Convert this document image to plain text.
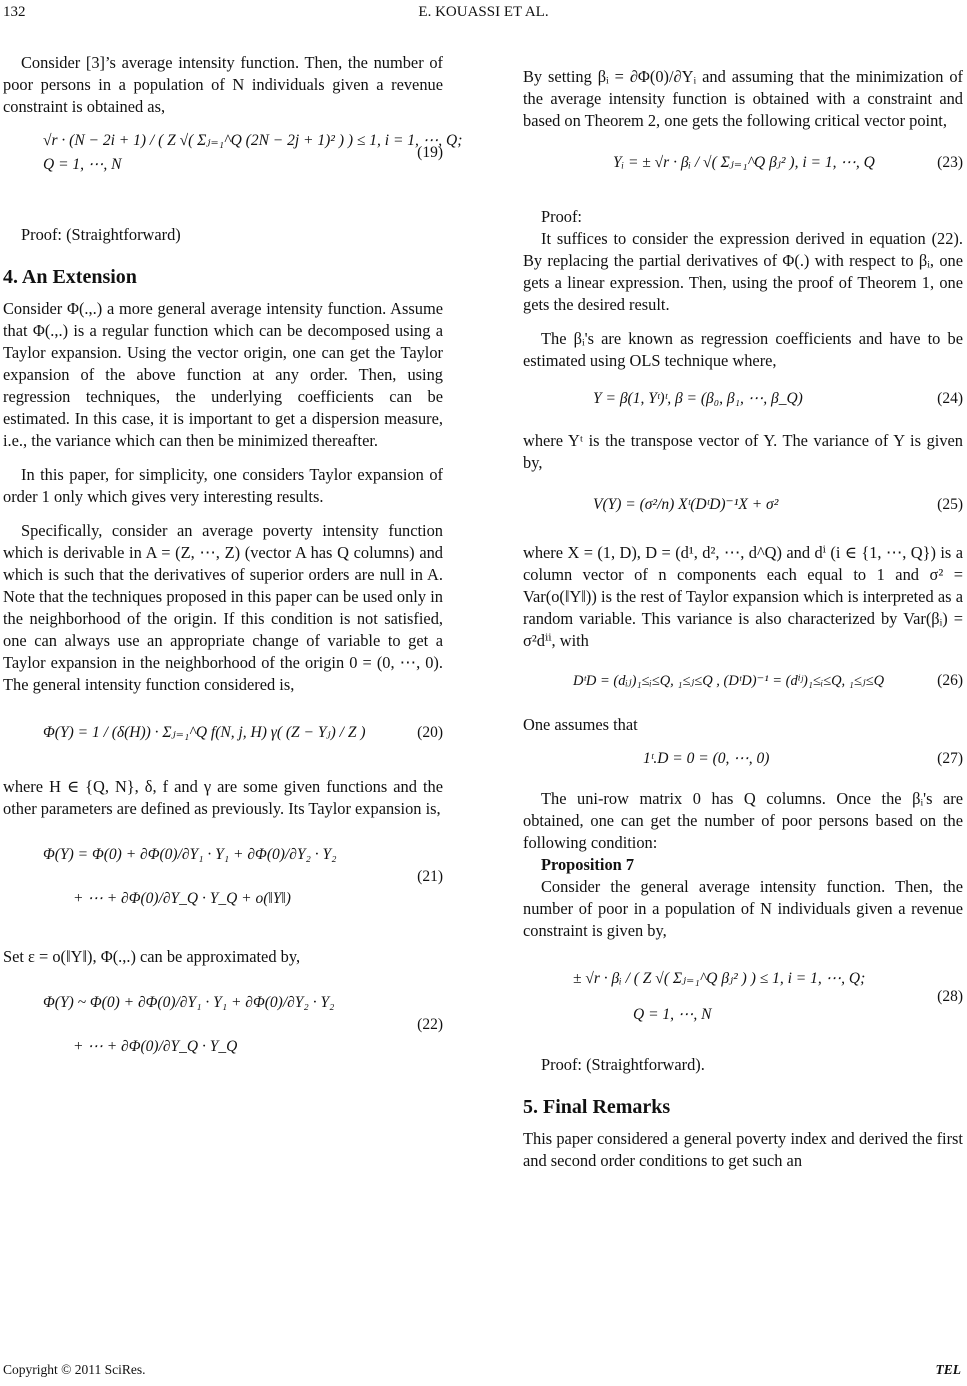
132	E. KOUASSI ET AL.

Consider [3]’s average intensity function. Then, the number of poor persons in a population of N individuals given a revenue constraint is obtained as,

√r · (N − 2i + 1) / ( Z √( Σⱼ₌₁^Q (2N − 2j + 1)² ) ) ≤ 1, i = 1, ⋯, Q;
Q = 1, ⋯, N
(19)

Proof: (Straightforward)

4. An Extension

Consider Φ(.,.) a more general average intensity function. Assume that Φ(.,.) is a regular function which can be decomposed using a Taylor expansion. Using the vector origin, one can get the Taylor expansion of the above function at any order. Then, using regression techniques, the underlying coefficients can be estimated. In this case, it is important to get a dispersion measure, i.e., the variance which can then be minimized thereafter.

In this paper, for simplicity, one considers Taylor expansion of order 1 only which gives very interesting results.

Specifically, consider an average poverty intensity function which is derivable in A = (Z, ⋯, Z) (vector A has Q columns) and which is such that the derivatives of superior orders are null in A. Note that the techniques proposed in this paper can be used only in the neighborhood of the origin. If this condition is not satisfied, one can always use an appropriate change of variable to get a Taylor expansion in the neighborhood of the origin 0 = (0, ⋯, 0). The general intensity function considered is,

Φ(Y) = 1 / (δ(H)) · Σⱼ₌₁^Q f(N, j, H) γ( (Z − Yⱼ) / Z )	(20)

where H ∈ {Q, N}, δ, f and γ are some given functions and the other parameters are defined as previously. Its Taylor expansion is,

Φ(Y) = Φ(0) + ∂Φ(0)/∂Y₁ · Y₁ + ∂Φ(0)/∂Y₂ · Y₂
+ ⋯ + ∂Φ(0)/∂Y_Q · Y_Q + o(‖Y‖)
(21)

Set ε = o(‖Y‖), Φ(.,.) can be approximated by,

Φ(Y) ~ Φ(0) + ∂Φ(0)/∂Y₁ · Y₁ + ∂Φ(0)/∂Y₂ · Y₂
+ ⋯ + ∂Φ(0)/∂Y_Q · Y_Q
(22)

By setting βᵢ = ∂Φ(0)/∂Yᵢ and assuming that the minimization of the average intensity function is obtained with a constraint and based on Theorem 2, one gets the following critical vector point,

Yᵢ = ± √r · βᵢ / √( Σⱼ₌₁^Q βⱼ² ), i = 1, ⋯, Q	(23)

Proof:

It suffices to consider the expression derived in equation (22). By replacing the partial derivatives of Φ(.) with respect to βᵢ, one gets a linear expression. Then, using the proof of Theorem 1, one gets the desired result.

The βᵢ's are known as regression coefficients and have to be estimated using OLS technique where,

Y = β(1, Yᵗ)ᵗ, β = (β₀, β₁, ⋯, β_Q)	(24)

where Yᵗ is the transpose vector of Y. The variance of Y is given by,

V(Y) = (σ²/n) Xᵗ(DᵗD)⁻¹X + σ²	(25)

where X = (1, D), D = (d¹, d², ⋯, d^Q) and dⁱ (i ∈ {1, ⋯, Q}) is a column vector of n components each equal to 1 and σ² = Var(o(‖Y‖)) is the rest of Taylor expansion which is interpreted as a random variable. This variance is also characterized by Var(βᵢ) = σ²dⁱⁱ, with

DᵗD = (dᵢⱼ)₁≤ᵢ≤Q, ₁≤ⱼ≤Q , (DᵗD)⁻¹ = (dⁱʲ)₁≤ᵢ≤Q, ₁≤ⱼ≤Q	(26)

One assumes that

1ᵗ.D = 0 = (0, ⋯, 0)	(27)

The uni-row matrix 0 has Q columns. Once the βᵢ's are obtained, one can get the number of poor persons based on the following condition:

Proposition 7

Consider the general average intensity function. Then, the number of poor in a population of N individuals given a revenue constraint is given by,

± √r · βᵢ / ( Z √( Σⱼ₌₁^Q βⱼ² ) ) ≤ 1, i = 1, ⋯, Q;
Q = 1, ⋯, N
(28)

Proof: (Straightforward).

5. Final Remarks

This paper considered a general poverty index and derived the first and second order conditions to get such an

Copyright © 2011 SciRes.	TEL
